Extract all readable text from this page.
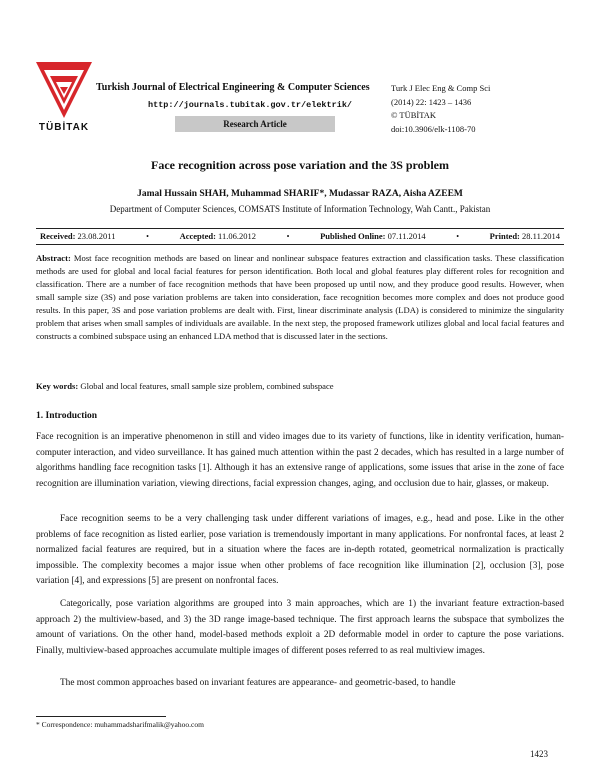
TÜBİTAK
Turkish Journal of Electrical Engineering & Computer Sciences
http://journals.tubitak.gov.tr/elektrik/
Research Article
Turk J Elec Eng & Comp Sci
(2014) 22: 1423 – 1436
© TÜBİTAK
doi:10.3906/elk-1108-70
Face recognition across pose variation and the 3S problem
Jamal Hussain SHAH, Muhammad SHARIF*, Mudassar RAZA, Aisha AZEEM
Department of Computer Sciences, COMSATS Institute of Information Technology, Wah Cantt., Pakistan
Received: 23.08.2011	•	Accepted: 11.06.2012	•	Published Online: 07.11.2014	•	Printed: 28.11.2014
Abstract: Most face recognition methods are based on linear and nonlinear subspace features extraction and classification tasks. These classification methods are used for global and local facial features for person identification. Both local and global features play different roles for recognition and classification. There are a number of face recognition methods that have been proposed up until now, and they produce good results. However, when small sample size (3S) and pose variation problems are taken into consideration, face recognition becomes more complex and does not produce good results. In this paper, 3S and pose variation problems are dealt with. First, linear discriminate analysis (LDA) is considered to minimize the singularity problem that arises when small samples of individuals are available. In the next step, the proposed framework utilizes global and local facial features and constructs a combined subspace using an enhanced LDA method that is discussed later in the sections.
Key words: Global and local features, small sample size problem, combined subspace
1. Introduction

Face recognition is an imperative phenomenon in still and video images due to its variety of functions, like in identity verification, human-computer interaction, and video surveillance. It has gained much attention within the past 2 decades, which has resulted in a large number of algorithms handling face recognition tasks [1]. Although it has an extensive range of applications, some issues that arise in the zone of face recognition are illumination variation, viewing directions, facial expression changes, aging, and occlusion due to hair, glasses, or makeup.

Face recognition seems to be a very challenging task under different variations of images, e.g., head and pose. Like in the other problems of face recognition as listed earlier, pose variation is tremendously important in many applications. For nonfrontal faces, at least 2 normalized facial features are required, but in a situation where the faces are in-depth rotated, geometrical normalization is practically impossible. The complexity becomes a major issue when other problems of face recognition like illumination [2], occlusion [3], pose variation [4], and expressions [5] are present on nonfrontal faces.

Categorically, pose variation algorithms are grouped into 3 main approaches, which are 1) the invariant feature extraction-based approach 2) the multiview-based, and 3) the 3D range image-based technique. The first approach learns the subspace that symbolizes the amount of variations. On the other hand, model-based methods exploit a 2D deformable model in order to capture the pose variations. Finally, multiview-based approaches accumulate multiple images of different poses referred to as real multiview images.

The most common approaches based on invariant features are appearance- and geometric-based, to handle

* Correspondence: muhammadsharifmalik@yahoo.com
1423
